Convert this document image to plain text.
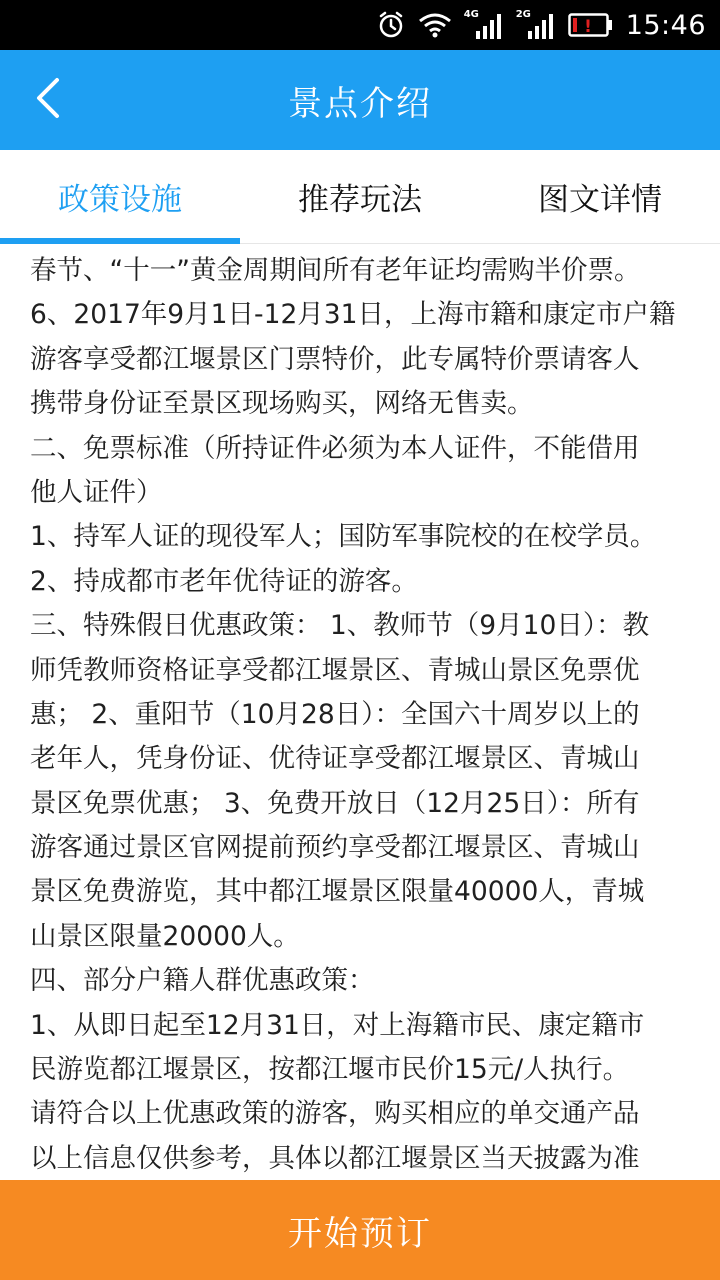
4G	2G
! 15:46
景点介绍
政策设施	推荐玩法	图文详情
春节、“十一”黄金周期间所有老年证均需购半价票。
6、2017年9月1日-12月31日，上海市籍和康定市户籍
游客享受都江堰景区门票特价，此专属特价票请客人
携带身份证至景区现场购买，网络无售卖。
二、免票标准（所持证件必须为本人证件，不能借用
他人证件）
1、持军人证的现役军人；国防军事院校的在校学员。
2、持成都市老年优待证的游客。
三、特殊假日优惠政策： 1、教师节（9月10日）：教
师凭教师资格证享受都江堰景区、青城山景区免票优
惠； 2、重阳节（10月28日）：全国六十周岁以上的
老年人，凭身份证、优待证享受都江堰景区、青城山
景区免票优惠； 3、免费开放日（12月25日）：所有
游客通过景区官网提前预约享受都江堰景区、青城山
景区免费游览，其中都江堰景区限量40000人，青城
山景区限量20000人。
四、部分户籍人群优惠政策：
1、从即日起至12月31日，对上海籍市民、康定籍市
民游览都江堰景区，按都江堰市民价15元/人执行。
请符合以上优惠政策的游客，购买相应的单交通产品
以上信息仅供参考，具体以都江堰景区当天披露为准
开始预订
